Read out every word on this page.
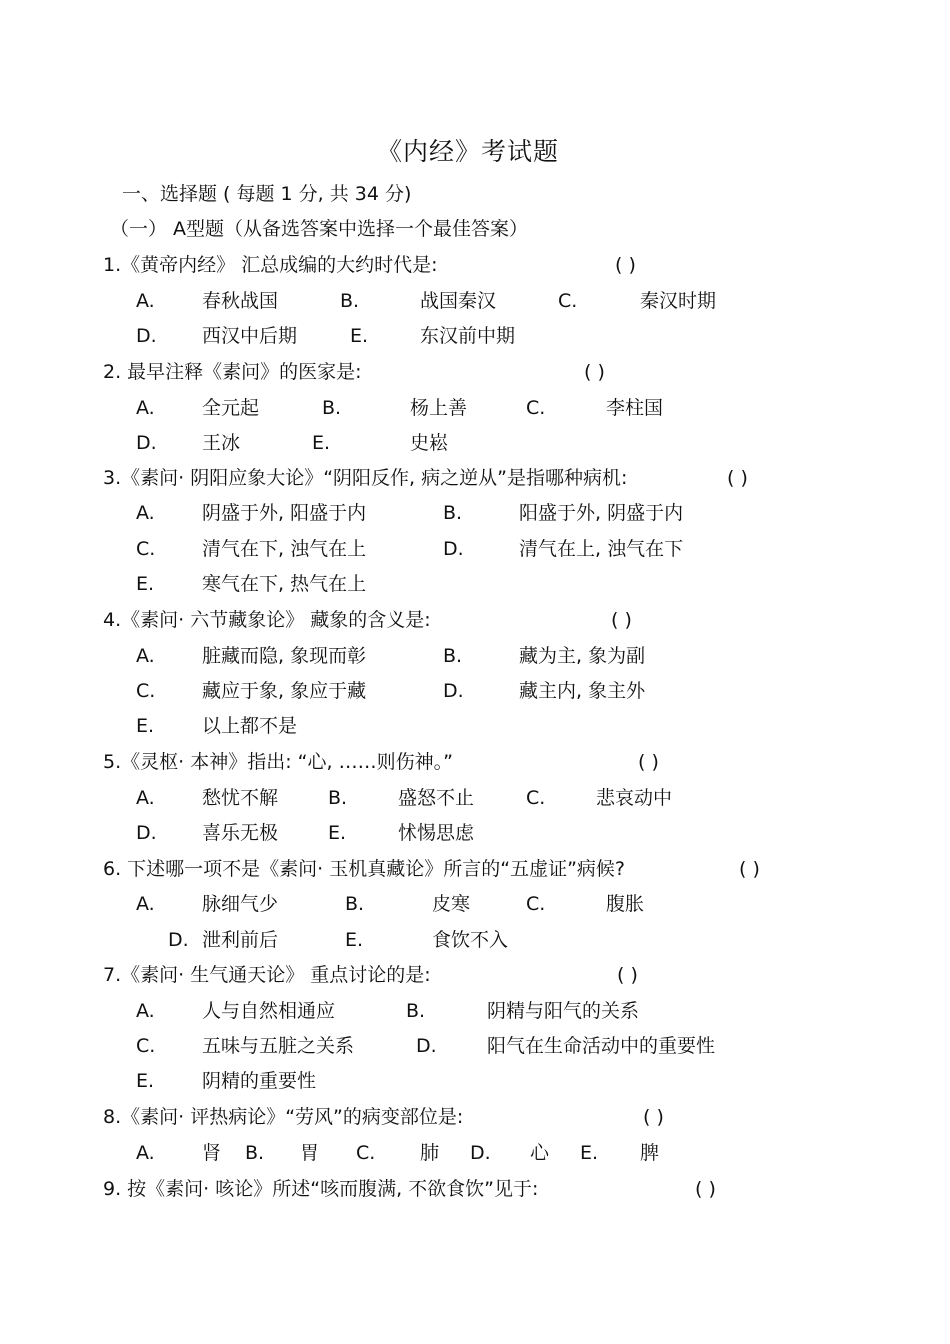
《内经》考试题
一、选择题 ( 每题 1 分, 共 34 分)
（一） A型题（从备选答案中选择一个最佳答案）
1.《黄帝内经》 汇总成编的大约时代是:	( )
A. 春秋战国	B.	战国秦汉	C.	秦汉时期
D. 西汉中后期	E.	东汉前中期
2. 最早注释《素问》的医家是:	( )
A. 全元起	B.	杨上善	C.	李柱国
D. 王冰	E.	史崧
3.《素问· 阴阳应象大论》“阴阳反作, 病之逆从”是指哪种病机:	( )
A. 阴盛于外, 阳盛于内	B.	阳盛于外, 阴盛于内
C. 清气在下, 浊气在上	D.	清气在上, 浊气在下
E.	寒气在下, 热气在上
4.《素问· 六节藏象论》 藏象的含义是:	( )
A. 脏藏而隐, 象现而彰	B.	藏为主, 象为副
C. 藏应于象, 象应于藏	D.	藏主内, 象主外
E.	以上都不是
5.《灵枢· 本神》指出: “心, ……则伤神。”	( )
A. 愁忧不解	B.	盛怒不止	C.	悲哀动中
D. 喜乐无极	E.	怵惕思虑
6. 下述哪一项不是《素问· 玉机真藏论》所言的“五虚证”病候?	( )
A. 脉细气少	B.	皮寒	C.	腹胀
D. 泄利前后	E.	食饮不入
7.《素问· 生气通天论》 重点讨论的是:	( )
A. 人与自然相通应	B.	阴精与阳气的关系
C. 五味与五脏之关系	D.	阳气在生命活动中的重要性
E.	阴精的重要性
8.《素问· 评热病论》“劳风”的病变部位是:	( )
A. 肾 B. 胃 C. 肺 D. 心 E. 脾
9. 按《素问· 咳论》所述“咳而腹满, 不欲食饮”见于:	( )
